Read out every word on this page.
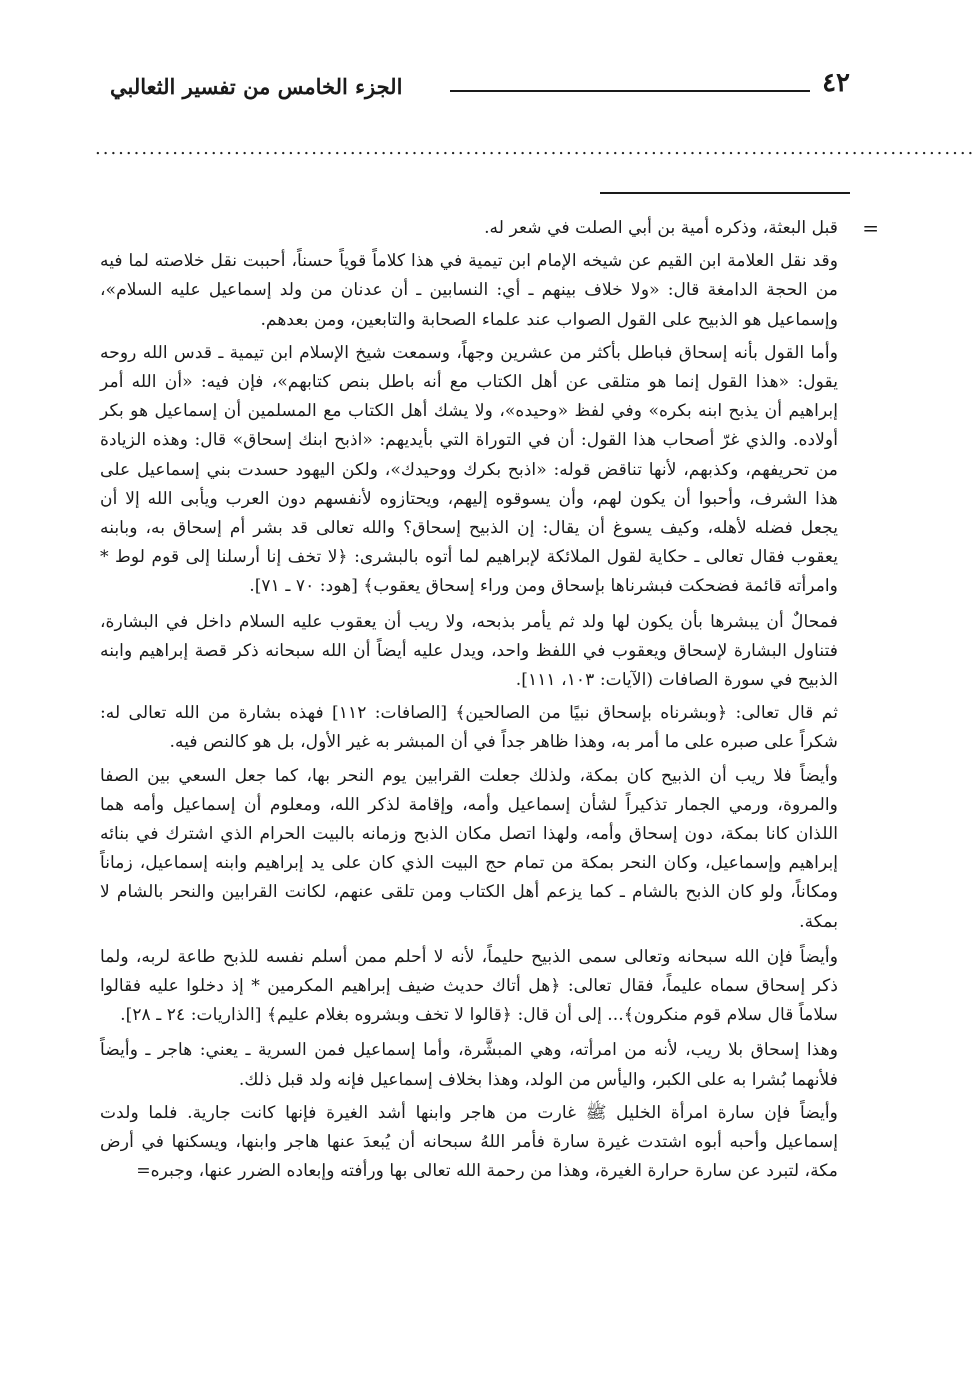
٤٢
الجزء الخامس من تفسير الثعالبي
..................................................................................................................
=

قبل البعثة، وذكره أمية بن أبي الصلت في شعر له.

وقد نقل العلامة ابن القيم عن شيخه الإمام ابن تيمية في هذا كلاماً قوياً حسناً، أحببت نقل خلاصته لما فيه من الحجة الدامغة قال: «ولا خلاف بينهم ـ أي: النسابين ـ أن عدنان من ولد إسماعيل عليه السلام»، وإسماعيل هو الذبيح على القول الصواب عند علماء الصحابة والتابعين، ومن بعدهم.

وأما القول بأنه إسحاق فباطل بأكثر من عشرين وجهاً، وسمعت شيخ الإسلام ابن تيمية ـ قدس الله روحه يقول: «هذا القول إنما هو متلقى عن أهل الكتاب مع أنه باطل بنص كتابهم»، فإن فيه: «أن الله أمر إبراهيم أن يذبح ابنه بكره» وفي لفظ «وحيده»، ولا يشك أهل الكتاب مع المسلمين أن إسماعيل هو بكر أولاده. والذي غرّ أصحاب هذا القول: أن في التوراة التي بأيديهم: «اذبح ابنك إسحاق» قال: وهذه الزيادة من تحريفهم، وكذبهم، لأنها تناقض قوله: «اذبح بكرك ووحيدك»، ولكن اليهود حسدت بني إسماعيل على هذا الشرف، وأحبوا أن يكون لهم، وأن يسوقوه إليهم، ويحتازوه لأنفسهم دون العرب ويأبى الله إلا أن يجعل فضله لأهله، وكيف يسوغ أن يقال: إن الذبيح إسحاق؟ والله تعالى قد بشر أم إسحاق به، وبابنه يعقوب فقال تعالى ـ حكاية لقول الملائكة لإبراهيم لما أتوه بالبشرى: ﴿لا تخف إنا أرسلنا إلى قوم لوط * وامرأته قائمة فضحكت فبشرناها بإسحاق ومن وراء إسحاق يعقوب﴾ [هود: ٧٠ ـ ٧١].

فمحالٌ أن يبشرها بأن يكون لها ولد ثم يأمر بذبحه، ولا ريب أن يعقوب عليه السلام داخل في البشارة، فتناول البشارة لإسحاق ويعقوب في اللفظ واحد، ويدل عليه أيضاً أن الله سبحانه ذكر قصة إبراهيم وابنه الذبيح في سورة الصافات (الآيات: ١٠٣، ١١١].

ثم قال تعالى: ﴿وبشرناه بإسحاق نبيًا من الصالحين﴾ [الصافات: ١١٢] فهذه بشارة من الله تعالى له: شكراً على صبره على ما أمر به، وهذا ظاهر جداً في أن المبشر به غير الأول، بل هو كالنص فيه.

وأيضاً فلا ريب أن الذبيح كان بمكة، ولذلك جعلت القرابين يوم النحر بها، كما جعل السعي بين الصفا والمروة، ورمي الجمار تذكيراً لشأن إسماعيل وأمه، وإقامة لذكر الله، ومعلوم أن إسماعيل وأمه هما اللذان كانا بمكة، دون إسحاق وأمه، ولهذا اتصل مكان الذبح وزمانه بالبيت الحرام الذي اشترك في بنائه إبراهيم وإسماعيل، وكان النحر بمكة من تمام حج البيت الذي كان على يد إبراهيم وابنه إسماعيل، زماناً ومكاناً، ولو كان الذبح بالشام ـ كما يزعم أهل الكتاب ومن تلقى عنهم، لكانت القرابين والنحر بالشام لا بمكة.

وأيضاً فإن الله سبحانه وتعالى سمى الذبيح حليماً، لأنه لا أحلم ممن أسلم نفسه للذبح طاعة لربه، ولما ذكر إسحاق سماه عليماً، فقال تعالى: ﴿هل أتاك حديث ضيف إبراهيم المكرمين * إذ دخلوا عليه فقالوا سلاماً قال سلام قوم منكرون﴾... إلى أن قال: ﴿قالوا لا تخف وبشروه بغلام عليم﴾ [الذاريات: ٢٤ ـ ٢٨].

وهذا إسحاق بلا ريب، لأنه من امرأته، وهي المبشَّرة، وأما إسماعيل فمن السرية ـ يعني: هاجر ـ وأيضاً فلأنهما بُشرا به على الكبر، واليأس من الولد، وهذا بخلاف إسماعيل فإنه ولد قبل ذلك.

وأيضاً فإن سارة امرأة الخليل ﷺ غارت من هاجر وابنها أشد الغيرة فإنها كانت جارية. فلما ولدت إسماعيل وأحبه أبوه اشتدت غيرة سارة فأمر اللهُ سبحانه أن يُبعدَ عنها هاجر وابنها، ويسكنها في أرض مكة، لتبرد عن سارة حرارة الغيرة، وهذا من رحمة الله تعالى بها ورأفته وإبعاده الضرر عنها، وجبره=
